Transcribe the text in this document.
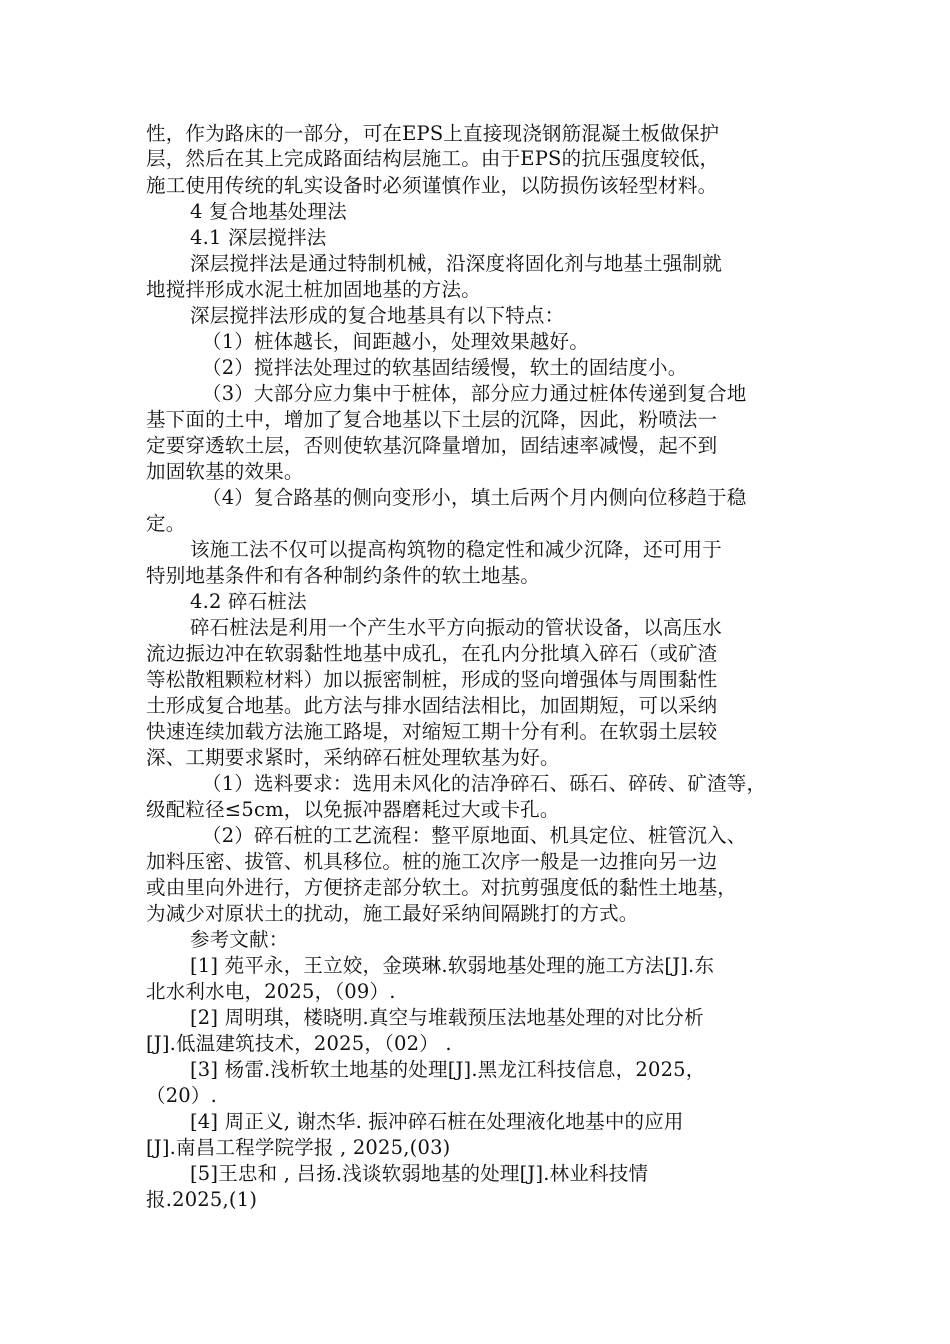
性，作为路床的一部分，可在EPS上直接现浇钢筋混凝土板做保护
层，然后在其上完成路面结构层施工。由于EPS的抗压强度较低，
施工使用传统的轧实设备时必须谨慎作业，以防损伤该轻型材料。
4 复合地基处理法
4.1 深层搅拌法
深层搅拌法是通过特制机械，沿深度将固化剂与地基土强制就
地搅拌形成水泥土桩加固地基的方法。
深层搅拌法形成的复合地基具有以下特点：
（1）桩体越长，间距越小，处理效果越好。
（2）搅拌法处理过的软基固结缓慢，软土的固结度小。
（3）大部分应力集中于桩体，部分应力通过桩体传递到复合地
基下面的土中，增加了复合地基以下土层的沉降，因此，粉喷法一
定要穿透软土层，否则使软基沉降量增加，固结速率减慢，起不到
加固软基的效果。
（4）复合路基的侧向变形小，填土后两个月内侧向位移趋于稳
定。
该施工法不仅可以提高构筑物的稳定性和减少沉降，还可用于
特别地基条件和有各种制约条件的软土地基。
4.2 碎石桩法
碎石桩法是利用一个产生水平方向振动的管状设备，以高压水
流边振边冲在软弱黏性地基中成孔，在孔内分批填入碎石（或矿渣
等松散粗颗粒材料）加以振密制桩，形成的竖向增强体与周围黏性
土形成复合地基。此方法与排水固结法相比，加固期短，可以采纳
快速连续加载方法施工路堤，对缩短工期十分有利。在软弱土层较
深、工期要求紧时，采纳碎石桩处理软基为好。
（1）选料要求：选用未风化的洁净碎石、砾石、碎砖、矿渣等，
级配粒径≤5cm，以免振冲器磨耗过大或卡孔。
（2）碎石桩的工艺流程：整平原地面、机具定位、桩管沉入、
加料压密、拔管、机具移位。桩的施工次序一般是一边推向另一边
或由里向外进行，方便挤走部分软土。对抗剪强度低的黏性土地基，
为减少对原状土的扰动，施工最好采纳间隔跳打的方式。
参考文献：
[1] 苑平永，王立姣，金瑛琳.软弱地基处理的施工方法[J].东
北水利水电，2025，（09）.
[2] 周明琪，楼晓明.真空与堆载预压法地基处理的对比分析
[J].低温建筑技术，2025，（02） .
[3] 杨雷.浅析软土地基的处理[J].黑龙江科技信息，2025，
（20）.
[4] 周正义, 谢杰华. 振冲碎石桩在处理液化地基中的应用
[J].南昌工程学院学报 , 2025,(03)
[5]王忠和 , 吕扬.浅谈软弱地基的处理[J].林业科技情
报.2025,(1)
